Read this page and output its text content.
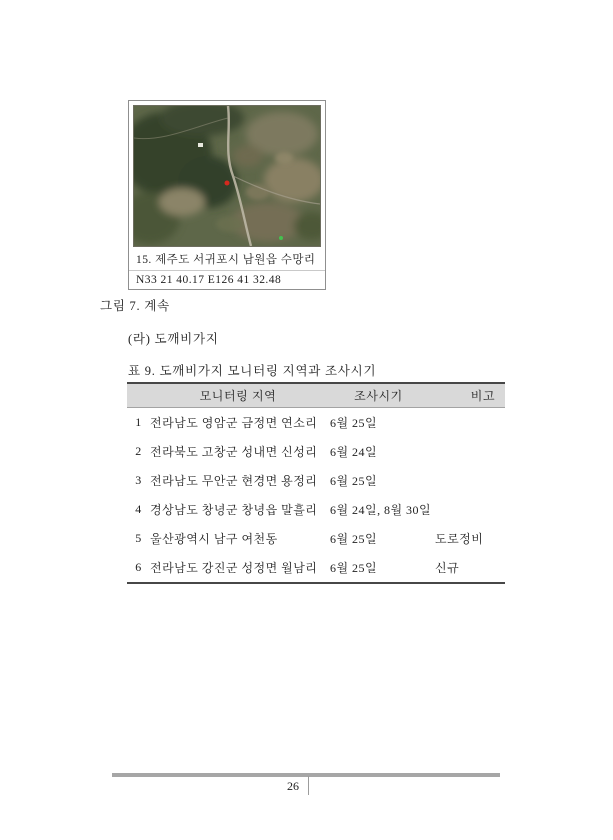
15. 제주도 서귀포시 남원읍 수망리
N33 21 40.17 E126 41 32.48
그림 7. 계속
(라) 도깨비가지
표 9. 도깨비가지 모니터링 지역과 조사시기
모니터링 지역	조사시기	비고
1 전라남도 영암군 금정면 연소리	6월 25일
2 전라북도 고창군 성내면 신성리	6월 24일
3 전라남도 무안군 현경면 용정리	6월 25일
4 경상남도 창녕군 창녕읍 말흘리	6월 24일, 8월 30일
5 울산광역시 남구 여천동	6월 25일	도로정비
6 전라남도 강진군 성정면 월남리	6월 25일	신규
26
